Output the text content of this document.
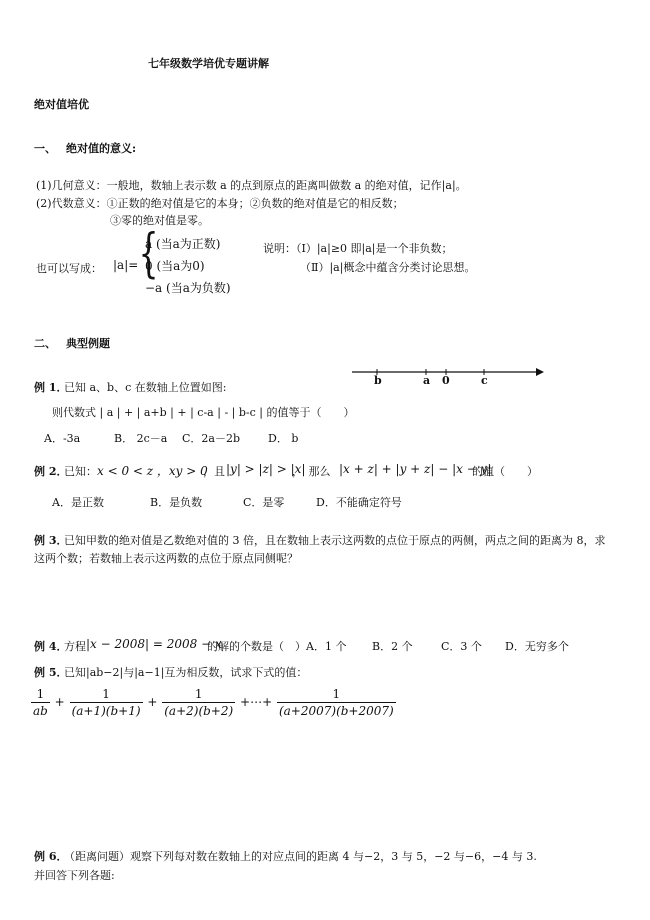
七年级数学培优专题讲解
绝对值培优
一、 绝对值的意义:
(1)几何意义：一般地，数轴上表示数 a 的点到原点的距离叫做数 a 的绝对值，记作|a|。
(2)代数意义：①正数的绝对值是它的本身；②负数的绝对值是它的相反数；
③零的绝对值是零。
也可以写成： |a|= {
a (当a为正数)
0 (当a为0)
−a (当a为负数)
说明：（Ⅰ）|a|≥0 即|a|是一个非负数；
（Ⅱ）|a|概念中蕴含分类讨论思想。
二、 典型例题
b	a 0	c
例 1．
已知 a、b、c 在数轴上位置如图:
则代数式 | a | + | a+b | + | c-a | - | b-c | 的值等于（　　）
A．-3a	B． 2c－a C．2a－2b	D． b
例 2．
已知： x < 0 < z ，xy > 0
，且 |y| > |z| > |x|
，　那么 |x + z| + |y + z| − |x − y|
的值（　　）
A．是正数	B．是负数	C．是零	D．不能确定符号
例 3．
已知甲数的绝对值是乙数绝对值的 3 倍，且在数轴上表示这两数的点位于原点的两侧，两点之间的距离为 8，求
这两个数；若数轴上表示这两数的点位于原点同侧呢？
例 4．
方程 |x − 2008| = 2008 − x
的解的个数是（　）A．1 个 B．2 个	C．3 个 D．无穷多个
例 5．
已知|ab−2|与|a−1|互为相反数，试求下式的值：
$\frac{1}{ab} + \frac{1}{(a+1)(b+1)} + \frac{1}{(a+2)(b+2)}$ +⋯+ $\frac{1}{(a+2007)(b+2007)}$
例 6．
（距离问题）观察下列每对数在数轴上的对应点间的距离 4 与−2，3 与 5，−2 与−6，−4 与 3.
并回答下列各题:
